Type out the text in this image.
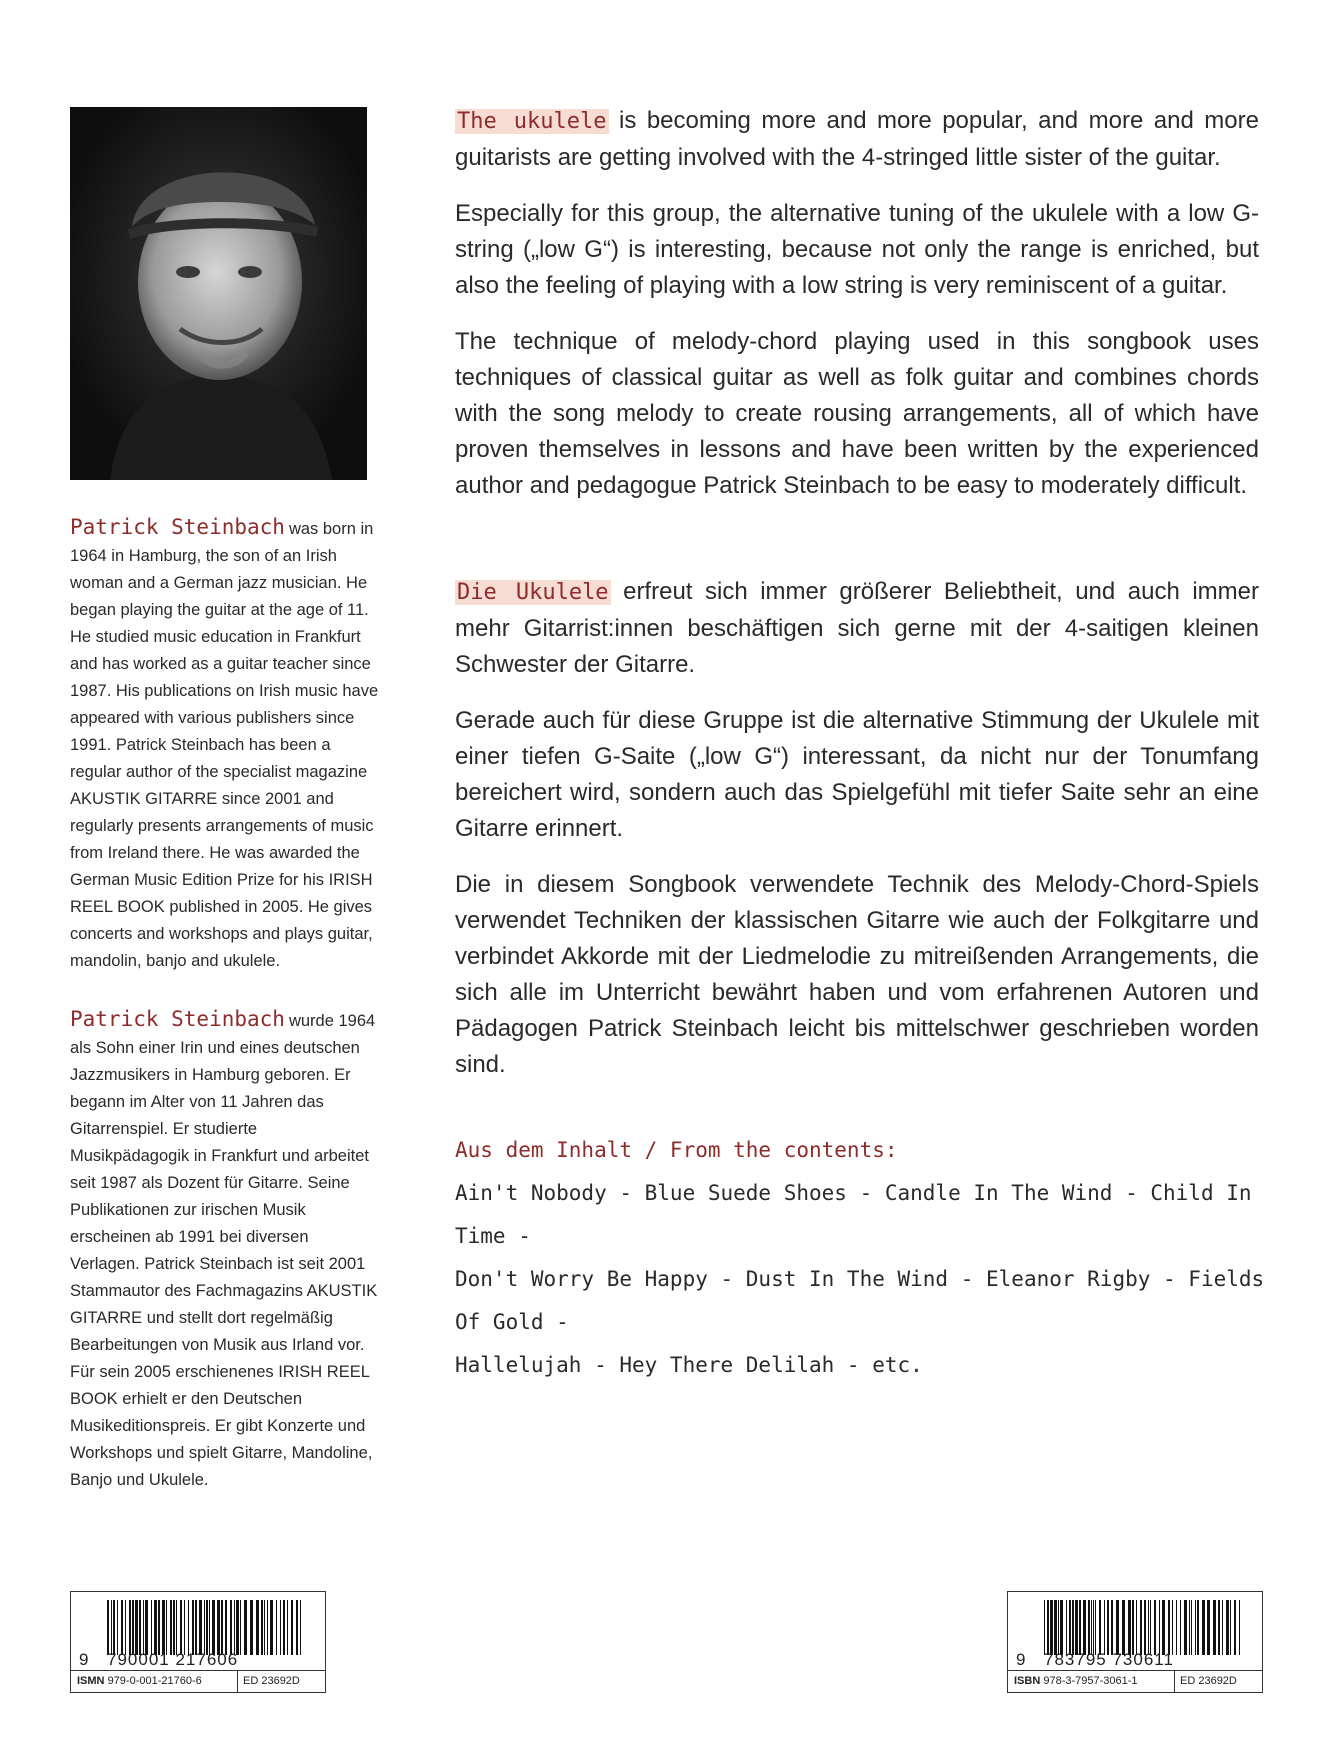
Patrick Steinbach was born in 1964 in Hamburg, the son of an Irish woman and a German jazz musician. He began playing the guitar at the age of 11. He studied music education in Frankfurt and has worked as a guitar teacher since 1987. His publications on Irish music have appeared with various publishers since 1991. Patrick Steinbach has been a regular author of the specialist magazine AKUSTIK GITARRE since 2001 and regularly presents arrangements of music from Ireland there. He was awarded the German Music Edition Prize for his IRISH REEL BOOK published in 2005. He gives concerts and workshops and plays guitar, mandolin, banjo and ukulele.
Patrick Steinbach wurde 1964 als Sohn einer Irin und eines deutschen Jazzmusikers in Hamburg geboren. Er begann im Alter von 11 Jahren das Gitarrenspiel. Er studierte Musikpädagogik in Frankfurt und arbeitet seit 1987 als Dozent für Gitarre. Seine Publikationen zur irischen Musik erscheinen ab 1991 bei diversen Verlagen. Patrick Steinbach ist seit 2001 Stammautor des Fachmagazins AKUSTIK GITARRE und stellt dort regelmäßig Bearbeitungen von Musik aus Irland vor. Für sein 2005 erschienenes IRISH REEL BOOK erhielt er den Deutschen Musikeditionspreis. Er gibt Konzerte und Workshops und spielt Gitarre, Mandoline, Banjo und Ukulele.

The ukulele is becoming more and more popular, and more and more guitarists are getting involved with the 4-stringed little sister of the guitar.

Especially for this group, the alternative tuning of the ukulele with a low G-string („low G“) is interesting, because not only the range is enriched, but also the feeling of playing with a low string is very reminiscent of a guitar.

The technique of melody-chord playing used in this songbook uses techniques of classical guitar as well as folk guitar and combines chords with the song melody to create rousing arrangements, all of which have proven themselves in lessons and have been written by the experienced author and pedagogue Patrick Steinbach to be easy to moderately difficult.

Die Ukulele erfreut sich immer größerer Beliebtheit, und auch immer mehr Gitarrist:innen beschäftigen sich gerne mit der 4-saitigen kleinen Schwester der Gitarre.

Gerade auch für diese Gruppe ist die alternative Stimmung der Ukulele mit einer tiefen G-Saite („low G“) interessant, da nicht nur der Tonumfang bereichert wird, sondern auch das Spielgefühl mit tiefer Saite sehr an eine Gitarre erinnert.

Die in diesem Songbook verwendete Technik des Melody-Chord-Spiels verwendet Techniken der klassischen Gitarre wie auch der Folkgitarre und verbindet Akkorde mit der Liedmelodie zu mitreißenden Arrangements, die sich alle im Unterricht bewährt haben und vom erfahrenen Autoren und Pädagogen Patrick Steinbach leicht bis mittelschwer geschrieben worden sind.

Aus dem Inhalt / From the contents:
Ain't Nobody - Blue Suede Shoes - Candle In The Wind - Child In Time -
Don't Worry Be Happy - Dust In The Wind - Eleanor Rigby - Fields Of Gold -
Hallelujah - Hey There Delilah - etc.
9 790001 217606
ISMN 979-0-001-21760-6	ED 23692D
9 783795 730611
ISBN 978-3-7957-3061-1	ED 23692D
